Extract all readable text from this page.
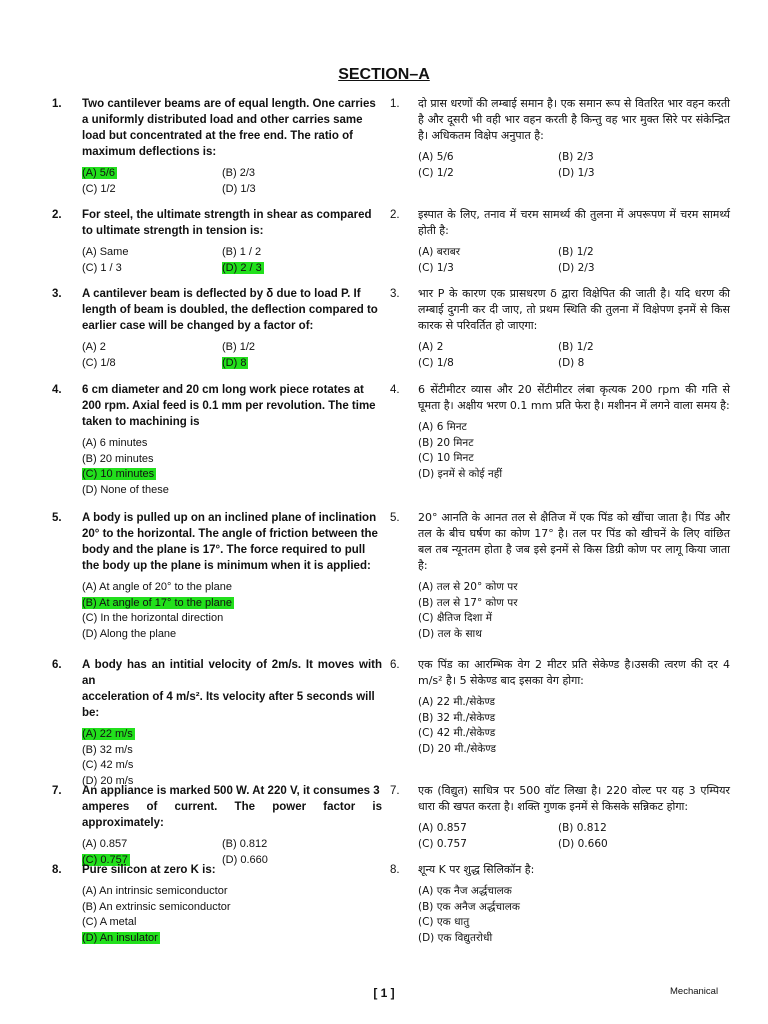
SECTION–A
1. Two cantilever beams are of equal length. One carries
a uniformly distributed load and other carries same
load but concentrated at the free end. The ratio of
maximum deflections is:
(A) 5/6	(B) 2/3
(C) 1/2	(D) 1/3
1. दो प्रास धरणों की लम्बाई समान है। एक समान रूप से वितरित भार वहन करती है और दूसरी भी वही भार वहन करती है किन्तु वह भार मुक्त सिरे पर संकेन्द्रित है। अधिकतम विक्षेप अनुपात है:
(A) 5/6	(B) 2/3
(C) 1/2	(D) 1/3
2. For steel, the ultimate strength in shear as compared
to ultimate strength in tension is:
(A) Same	(B) 1 / 2
(C) 1 / 3	(D) 2 / 3
2. इस्पात के लिए, तनाव में चरम सामर्थ्य की तुलना में अपरूपण में चरम सामर्थ्य होती है:
(A) बराबर	(B) 1/2
(C) 1/3	(D) 2/3
3. A cantilever beam is deflected by δ due to load P. If
length of beam is doubled, the deflection compared to
earlier case will be changed by a factor of:
(A) 2	(B) 1/2
(C) 1/8	(D) 8
3. भार P के कारण एक प्रासधरण δ द्वारा विक्षेपित की जाती है। यदि धरण की लम्बाई दुगनी कर दी जाए, तो प्रथम स्थिति की तुलना में विक्षेपण इनमें से किस कारक से परिवर्तित हो जाएगा:
(A) 2	(B) 1/2
(C) 1/8	(D) 8
4. 6 cm diameter and 20 cm long work piece rotates at
200 rpm. Axial feed is 0.1 mm per revolution. The time
taken to machining is
(A) 6 minutes
(B) 20 minutes
(C) 10 minutes
(D) None of these
4. 6 सेंटीमीटर व्यास और 20 सेंटीमीटर लंबा कृत्यक 200 rpm की गति से घूमता है। अक्षीय भरण 0.1 mm प्रति फेरा है। मशीनन में लगने वाला समय है:
(A) 6 मिनट
(B) 20 मिनट
(C) 10 मिनट
(D) इनमें से कोई नहीं
5. A body is pulled up on an inclined plane of inclination
20° to the horizontal. The angle of friction between the
body and the plane is 17°. The force required to pull
the body up the plane is minimum when it is applied:
(A) At angle of 20° to the plane
(B) At angle of 17° to the plane
(C) In the horizontal direction
(D) Along the plane
5. 20° आनति के आनत तल से क्षैतिज में एक पिंड को खींचा जाता है। पिंड और तल के बीच घर्षण का कोण 17° है। तल पर पिंड को खीचनें के लिए वांछित बल तब न्यूनतम होता है जब इसे इनमें से किस डिग्री कोण पर लागू किया जाता है:
(A) तल से 20° कोण पर
(B) तल से 17° कोण पर
(C) क्षैतिज दिशा में
(D) तल के साथ
6. A body has an intitial velocity of 2m/s. It moves with an
acceleration of 4 m/s². Its velocity after 5 seconds will
be:
(A) 22 m/s
(B) 32 m/s
(C) 42 m/s
(D) 20 m/s
6. एक पिंड का आरम्भिक वेग 2 मीटर प्रति सेकेण्ड है।उसकी त्वरण की दर 4 m/s² है। 5 सेकेण्ड बाद इसका वेग होगा:
(A) 22 मी./सेकेण्ड
(B) 32 मी./सेकेण्ड
(C) 42 मी./सेकेण्ड
(D) 20 मी./सेकेण्ड
7. An appliance is marked 500 W. At 220 V, it consumes 3
amperes of current. The power factor is approximately:
(A) 0.857	(B) 0.812
(C) 0.757	(D) 0.660
7. एक (विद्युत) साधित्र पर 500 वॉट लिखा है। 220 वोल्ट पर यह 3 एम्पियर धारा की खपत करता है। शक्ति गुणक इनमें से किसके सन्निकट होगा:
(A) 0.857	(B) 0.812
(C) 0.757	(D) 0.660
8. Pure silicon at zero K is:
(A) An intrinsic semiconductor
(B) An extrinsic semiconductor
(C) A metal
(D) An insulator
8. शून्य K पर शुद्ध सिलिकॉन है:
(A) एक नैज अर्द्धचालक
(B) एक अनैज अर्द्धचालक
(C) एक धातु
(D) एक विद्युतरोधी
[ 1 ]	Mechanical
